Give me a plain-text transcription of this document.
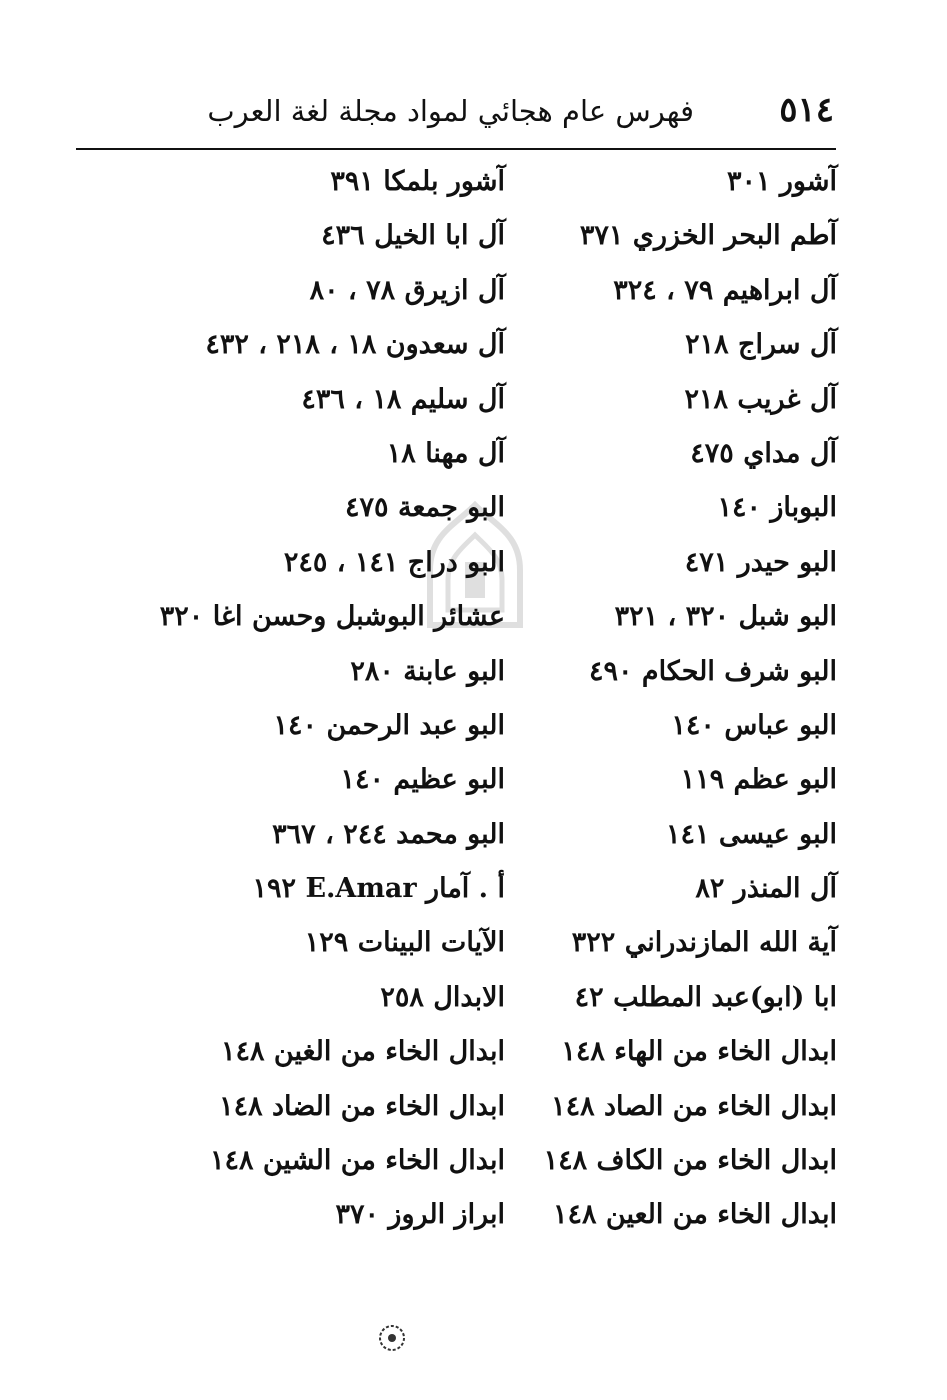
٥١٤
فهرس عام هجائي لمواد مجلة لغة العرب
آشور ٣٠١
آشور بلمكا ٣٩١
آطم البحر الخزري ٣٧١
آل ابا الخيل ٤٣٦
آل ابراهيم ٧٩ ، ٣٢٤
آل ازيرق ٧٨ ، ٨٠
آل سراج ٢١٨
آل سعدون ١٨ ، ٢١٨ ، ٤٣٢
آل غريب ٢١٨
آل سليم ١٨ ، ٤٣٦
آل مداي ٤٧٥
آل مهنا ١٨
البوباز ١٤٠
البو جمعة ٤٧٥
البو حيدر ٤٧١
البو دراج ١٤١ ، ٢٤٥
البو شبل ٣٢٠ ، ٣٢١
عشائر البوشبل وحسن اغا ٣٢٠
البو شرف الحكام ٤٩٠
البو عابنة ٢٨٠
البو عباس ١٤٠
البو عبد الرحمن ١٤٠
البو عظم ١١٩
البو عظيم ١٤٠
البو عيسى ١٤١
البو محمد ٢٤٤ ، ٣٦٧
آل المنذر ٨٢
أ . آمار E.Amar ١٩٢
آية الله المازندراني ٣٢٢
الآيات البينات ١٢٩
ابا (ابو)عبد المطلب ٤٢
الابدال ٢٥٨
ابدال الخاء من الهاء ١٤٨
ابدال الخاء من الغين ١٤٨
ابدال الخاء من الصاد ١٤٨
ابدال الخاء من الضاد ١٤٨
ابدال الخاء من الكاف ١٤٨
ابدال الخاء من الشين ١٤٨
ابدال الخاء من العين ١٤٨
ابراز الروز ٣٧٠
